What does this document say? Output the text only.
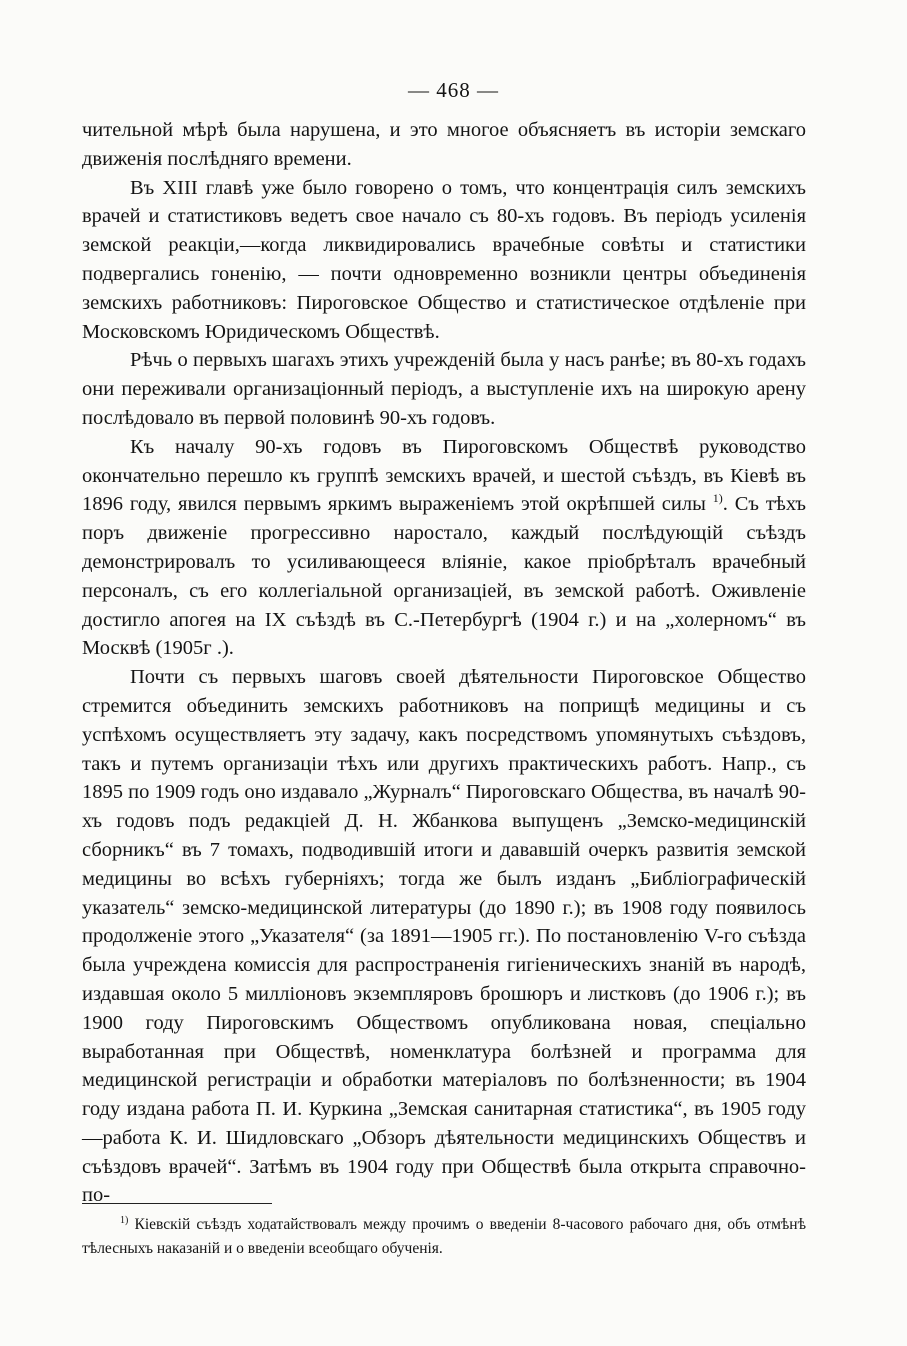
— 468 —

чительной мѣрѣ была нарушена, и это многое объясняетъ въ исторіи земскаго движенія послѣдняго времени.

Въ XIII главѣ уже было говорено о томъ, что концентрація силъ земскихъ врачей и статистиковъ ведетъ свое начало съ 80-хъ годовъ. Въ періодъ усиленія земской реакціи,—когда ликвидировались врачебные совѣты и статистики подвергались гоненію, — почти одновременно возникли центры объединенія земскихъ работниковъ: Пироговское Общество и статистическое отдѣленіе при Московскомъ Юридическомъ Обществѣ.

Рѣчь о первыхъ шагахъ этихъ учрежденій была у насъ ранѣе; въ 80-хъ годахъ они переживали организаціонный періодъ, а выступленіе ихъ на широкую арену послѣдовало въ первой половинѣ 90-хъ годовъ.

Къ началу 90-хъ годовъ въ Пироговскомъ Обществѣ руководство окончательно перешло къ группѣ земскихъ врачей, и шестой съѣздъ, въ Кіевѣ въ 1896 году, явился первымъ яркимъ выраженіемъ этой окрѣпшей силы $^{1)}$. Съ тѣхъ поръ движеніе прогрессивно наростало, каждый послѣдующій съѣздъ демонстрировалъ то усиливающееся вліяніе, какое пріобрѣталъ врачебный персоналъ, съ его коллегіальной организаціей, въ земской работѣ. Оживленіе достигло апогея на IX съѣздѣ въ С.-Петербургѣ (1904 г.) и на „холерномъ“ въ Москвѣ (1905г .).

Почти съ первыхъ шаговъ своей дѣятельности Пироговское Общество стремится объединить земскихъ работниковъ на поприщѣ медицины и съ успѣхомъ осуществляетъ эту задачу, какъ посредствомъ упомянутыхъ съѣздовъ, такъ и путемъ организаціи тѣхъ или другихъ практическихъ работъ. Напр., съ 1895 по 1909 годъ оно издавало „Журналъ“ Пироговскаго Общества, въ началѣ 90-хъ годовъ подъ редакціей Д. Н. Жбанкова выпущенъ „Земско-медицинскій сборникъ“ въ 7 томахъ, подводившій итоги и дававшій очеркъ развитія земской медицины во всѣхъ губерніяхъ; тогда же былъ изданъ „Библіографическій указатель“ земско-медицинской литературы (до 1890 г.); въ 1908 году появилось продолженіе этого „Указателя“ (за 1891—1905 гг.). По постановленію V-го съѣзда была учреждена комиссія для распространенія гигіеническихъ знаній въ народѣ, издавшая около 5 милліоновъ экземпляровъ брошюръ и листковъ (до 1906 г.); въ 1900 году Пироговскимъ Обществомъ опубликована новая, спеціально выработанная при Обществѣ, номенклатура болѣзней и программа для медицинской регистраціи и обработки матеріаловъ по болѣзненности; въ 1904 году издана работа П. И. Куркина „Земская санитарная статистика“, въ 1905 году—работа К. И. Шидловскаго „Обзоръ дѣятельности медицинскихъ Обществъ и съѣздовъ врачей“. Затѣмъ въ 1904 году при Обществѣ была открыта справочно-по-

$^{1)}$ Кіевскій съѣздъ ходатайствовалъ между прочимъ о введеніи 8-часового рабочаго дня, объ отмѣнѣ тѣлесныхъ наказаній и о введеніи всеобщаго обученія.
